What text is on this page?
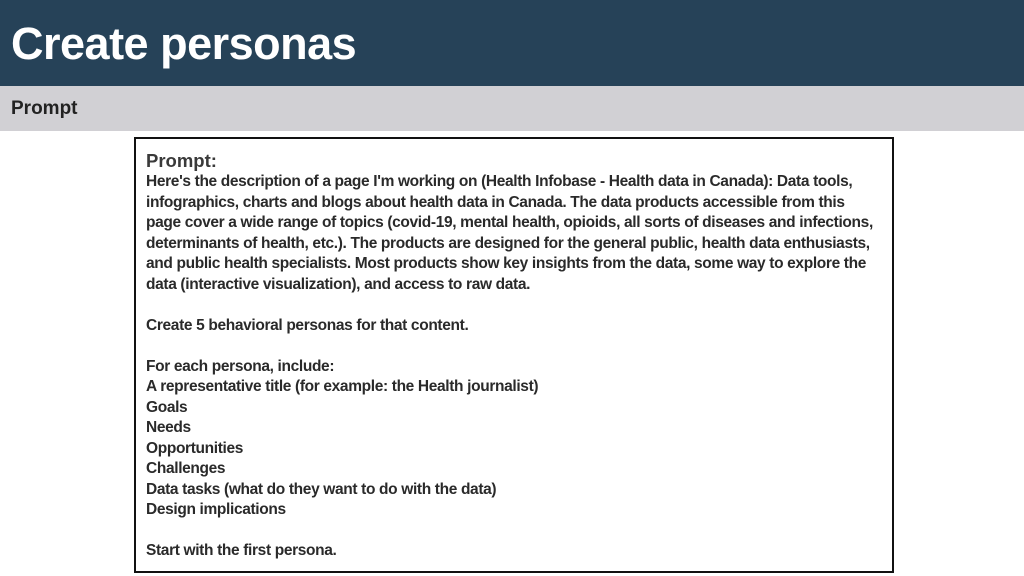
Create personas
Prompt

Prompt:

Here's the description of a page I'm working on (Health Infobase - Health data in Canada): Data tools, infographics, charts and blogs about health data in Canada. The data products accessible from this page cover a wide range of topics (covid-19, mental health, opioids, all sorts of diseases and infections, determinants of health, etc.). The products are designed for the general public, health data enthusiasts, and public health specialists. Most products show key insights from the data, some way to explore the data (interactive visualization), and access to raw data.

Create 5 behavioral personas for that content.

For each persona, include:

A representative title (for example: the Health journalist)

Goals

Needs

Opportunities

Challenges

Data tasks (what do they want to do with the data)

Design implications

Start with the first persona.
